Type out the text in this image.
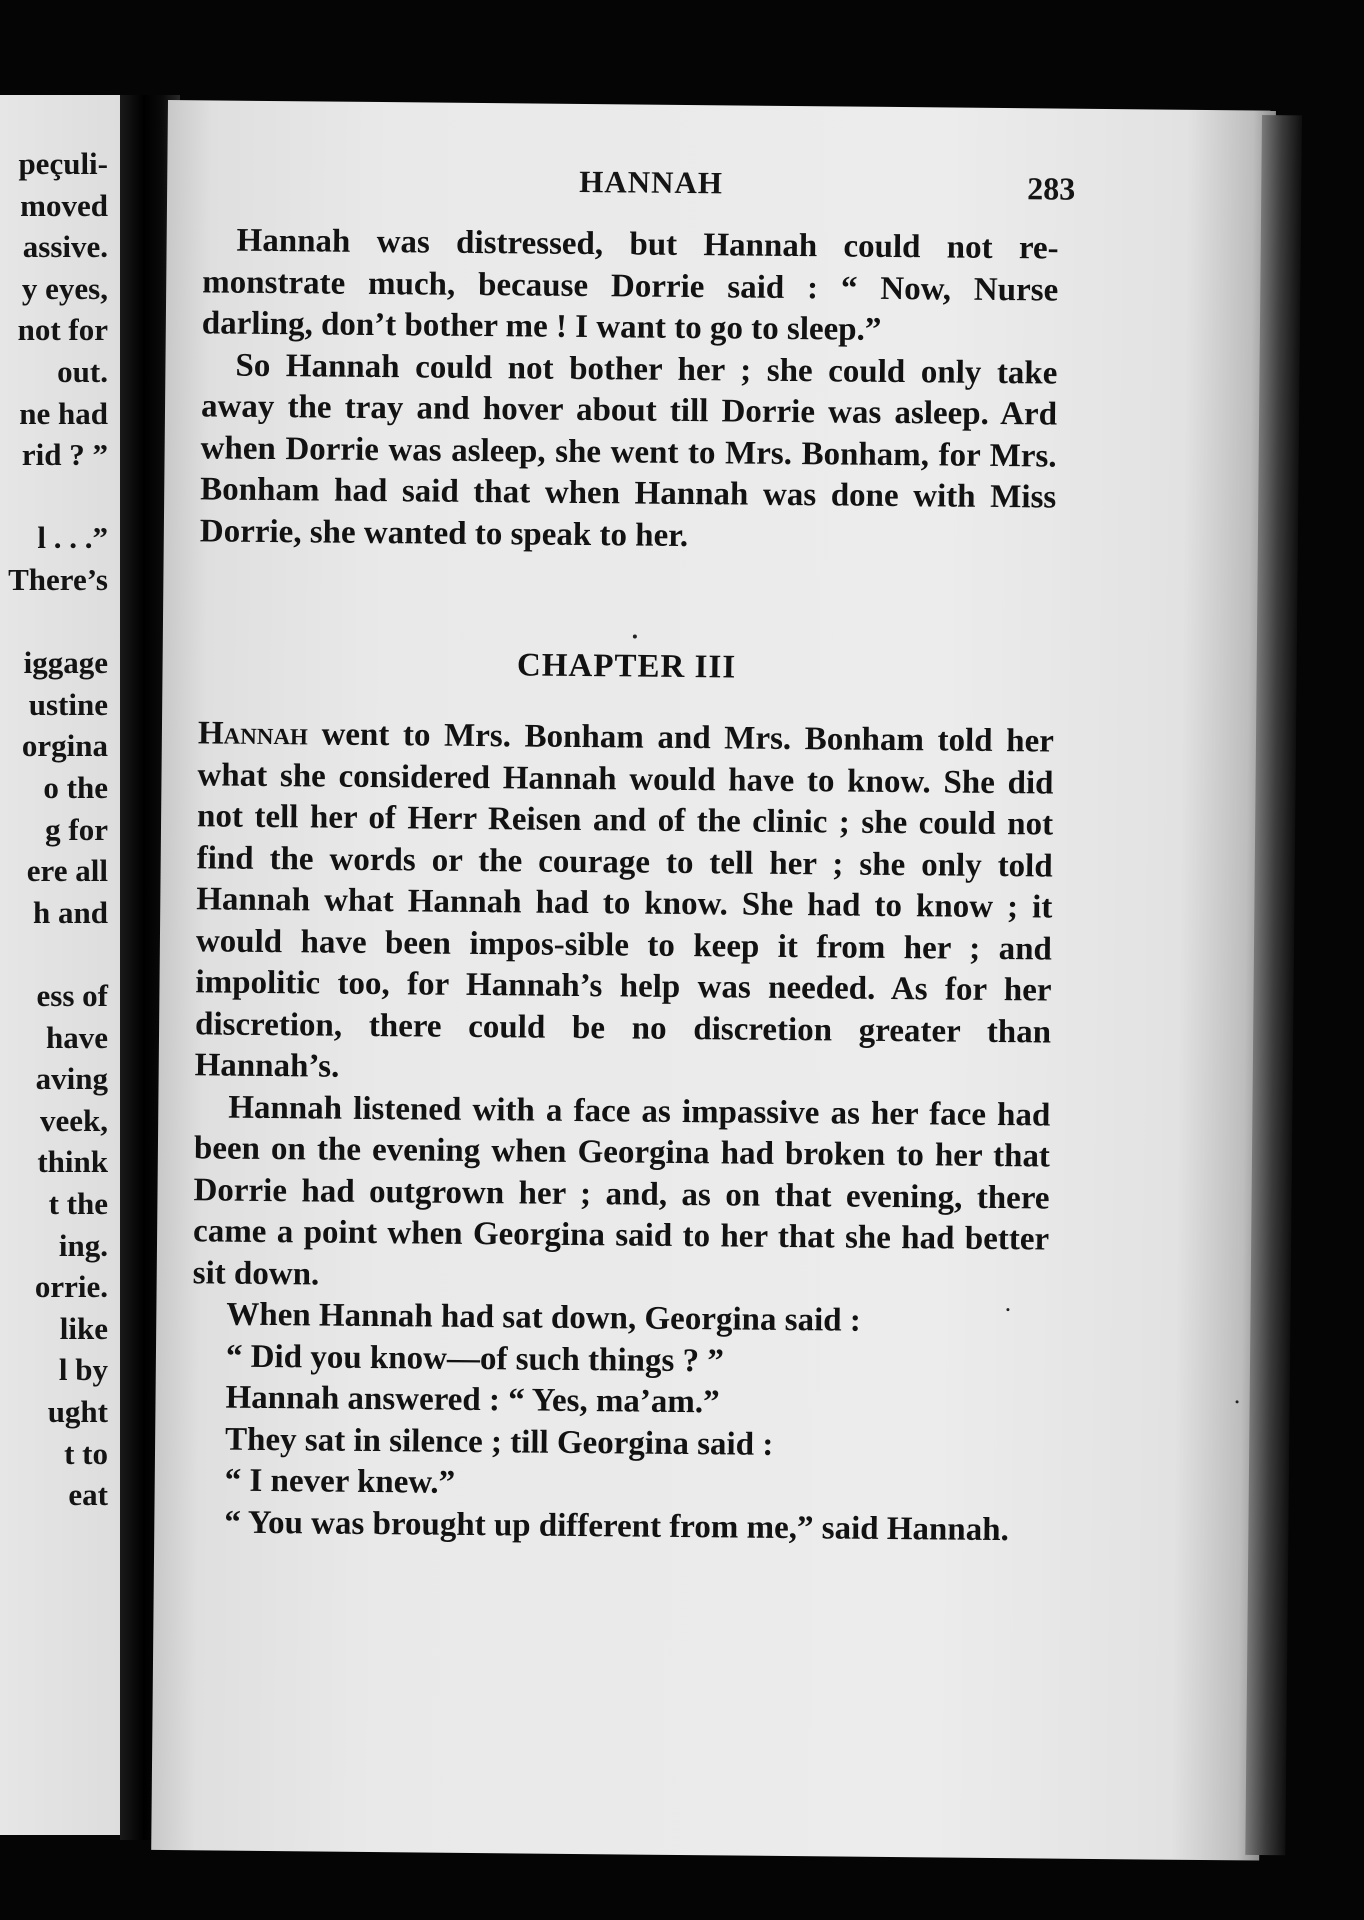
peçuli-
moved
assive.
y eyes,
not for
out.
ne had
rid ? ”
l . . .”
There’s
iggage
ustine
orgina
o the
g for
ere all
h and
ess of
have
aving
veek,
think
t the
ing.
orrie.
like
l by
ught
t to
eat
HANNAH	283

Hannah was distressed, but Hannah could not re-monstrate much, because Dorrie said : “ Now, Nurse darling, don’t bother me ! I want to go to sleep.”

So Hannah could not bother her ; she could only take away the tray and hover about till Dorrie was asleep. Ard when Dorrie was asleep, she went to Mrs. Bonham, for Mrs. Bonham had said that when Hannah was done with Miss Dorrie, she wanted to speak to her.

CHAPTER III

Hannah went to Mrs. Bonham and Mrs. Bonham told her what she considered Hannah would have to know. She did not tell her of Herr Reisen and of the clinic ; she could not find the words or the courage to tell her ; she only told Hannah what Hannah had to know. She had to know ; it would have been impos-sible to keep it from her ; and impolitic too, for Hannah’s help was needed. As for her discretion, there could be no discretion greater than Hannah’s.

Hannah listened with a face as impassive as her face had been on the evening when Georgina had broken to her that Dorrie had outgrown her ; and, as on that evening, there came a point when Georgina said to her that she had better sit down.

When Hannah had sat down, Georgina said :

“ Did you know—of such things ? ”

Hannah answered : “ Yes, ma’am.”

They sat in silence ; till Georgina said :

“ I never knew.”

“ You was brought up different from me,” said Hannah.
